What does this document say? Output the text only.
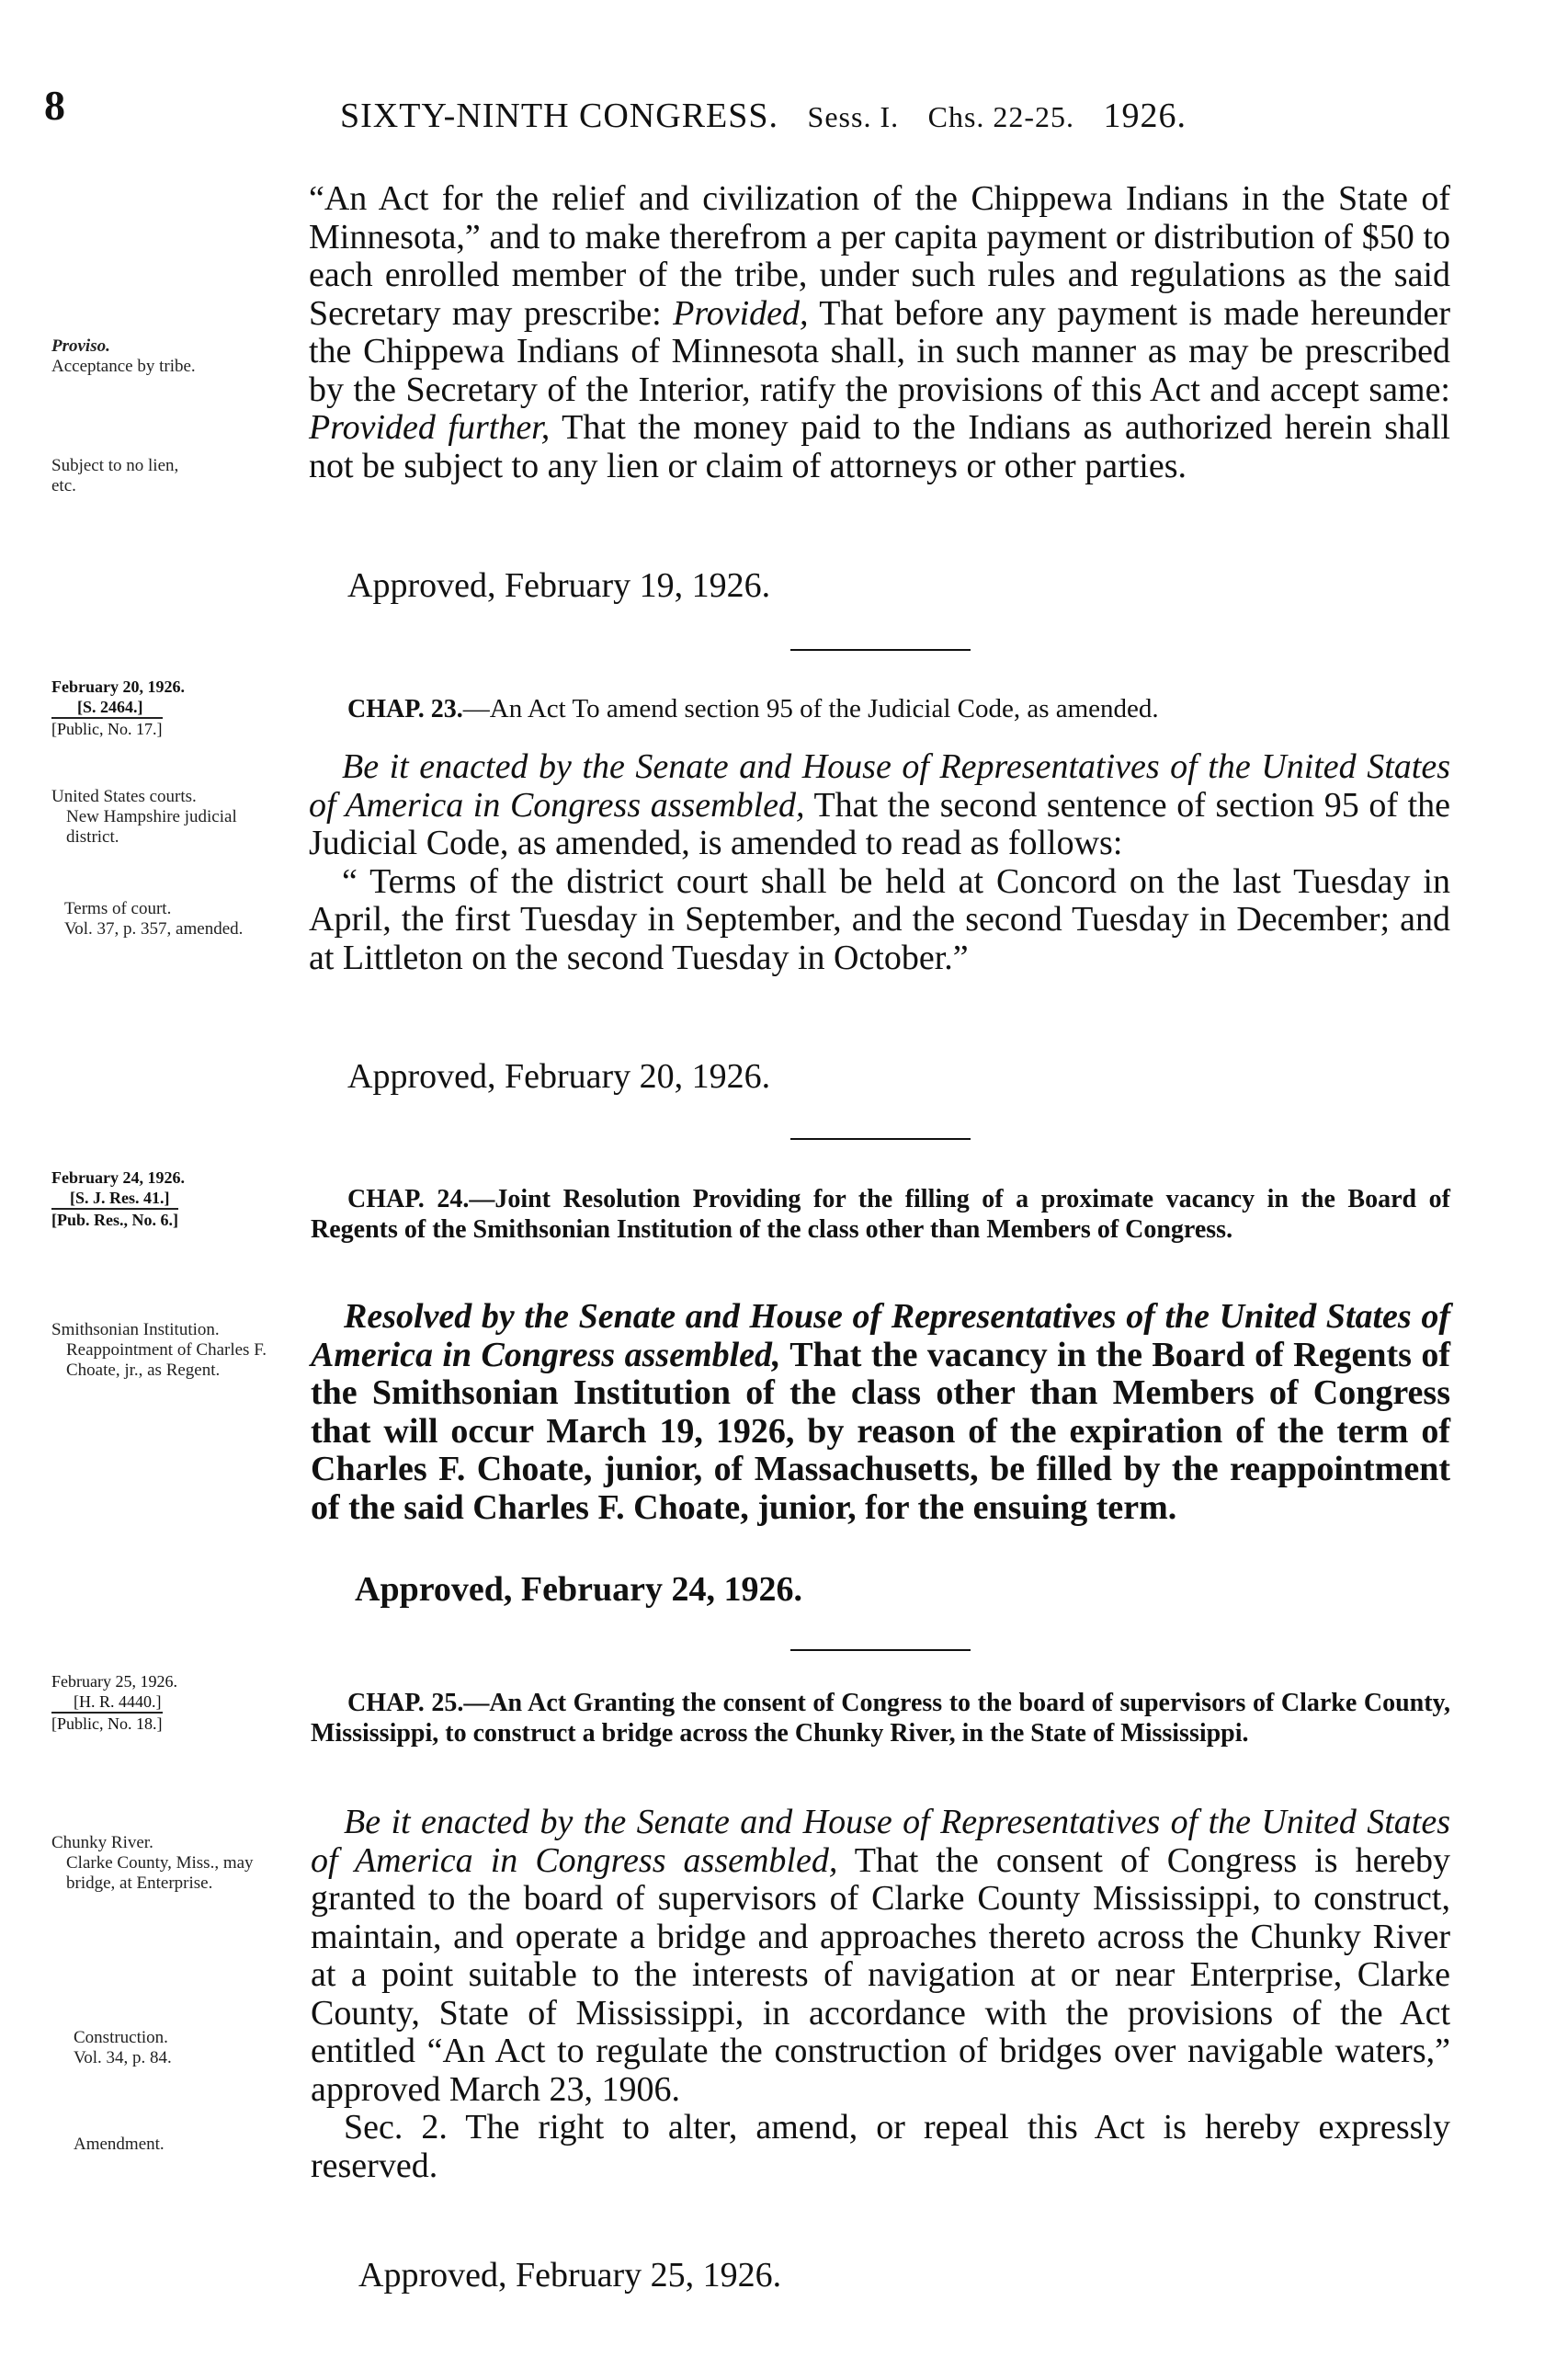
8	SIXTY-NINTH CONGRESS. Sess. I. Chs. 22-25. 1926.

“An Act for the relief and civilization of the Chippewa Indians in the State of Minnesota,” and to make therefrom a per capita payment or distribution of $50 to each enrolled member of the tribe, under such rules and regulations as the said Secretary may prescribe: Provided, That before any payment is made hereunder the Chippewa Indians of Minnesota shall, in such manner as may be prescribed by the Secretary of the Interior, ratify the provisions of this Act and accept same: Provided further, That the money paid to the Indians as authorized herein shall not be subject to any lien or claim of attorneys or other parties.

Approved, February 19, 1926.
Proviso.
Acceptance by tribe.
Subject to no lien, etc.
February 20, 1926.
[S. 2464.]
[Public, No. 17.]
CHAP. 23.—An Act To amend section 95 of the Judicial Code, as amended.

Be it enacted by the Senate and House of Representatives of the United States of America in Congress assembled, That the second sentence of section 95 of the Judicial Code, as amended, is amended to read as follows:

“ Terms of the district court shall be held at Concord on the last Tuesday in April, the first Tuesday in September, and the second Tuesday in December; and at Littleton on the second Tuesday in October.”

Approved, February 20, 1926.
United States courts.
New Hampshire judicial district.
Terms of court.
Vol. 37, p. 357, amended.
February 24, 1926.
[S. J. Res. 41.]
[Pub. Res., No. 6.]
CHAP. 24.—Joint Resolution Providing for the filling of a proximate vacancy in the Board of Regents of the Smithsonian Institution of the class other than Members of Congress.

Resolved by the Senate and House of Representatives of the United States of America in Congress assembled, That the vacancy in the Board of Regents of the Smithsonian Institution of the class other than Members of Congress that will occur March 19, 1926, by reason of the expiration of the term of Charles F. Choate, junior, of Massachusetts, be filled by the reappointment of the said Charles F. Choate, junior, for the ensuing term.

Approved, February 24, 1926.
Smithsonian Institution.
Reappointment of Charles F. Choate, jr., as Regent.
February 25, 1926.
[H. R. 4440.]
[Public, No. 18.]
CHAP. 25.—An Act Granting the consent of Congress to the board of supervisors of Clarke County, Mississippi, to construct a bridge across the Chunky River, in the State of Mississippi.

Be it enacted by the Senate and House of Representatives of the United States of America in Congress assembled, That the consent of Congress is hereby granted to the board of supervisors of Clarke County Mississippi, to construct, maintain, and operate a bridge and approaches thereto across the Chunky River at a point suitable to the interests of navigation at or near Enterprise, Clarke County, State of Mississippi, in accordance with the provisions of the Act entitled “An Act to regulate the construction of bridges over navigable waters,” approved March 23, 1906.

Sec. 2. The right to alter, amend, or repeal this Act is hereby expressly reserved.

Approved, February 25, 1926.
Chunky River.
Clarke County, Miss., may bridge, at Enterprise.
Construction.
Vol. 34, p. 84.
Amendment.
